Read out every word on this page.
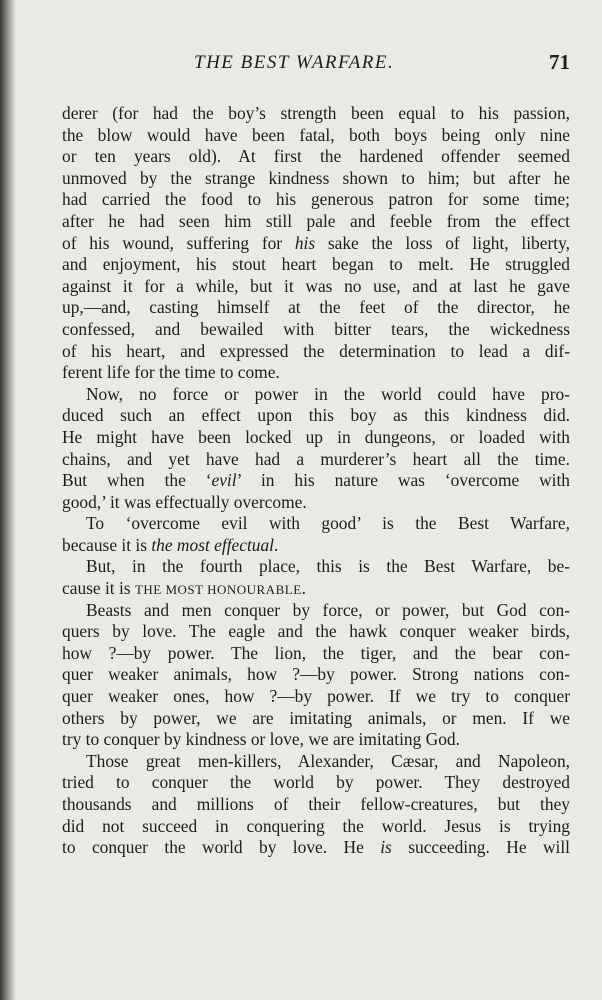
THE BEST WARFARE.	71
derer (for had the boy’s strength been equal to his passion,
the blow would have been fatal, both boys being only nine
or ten years old). At first the hardened offender seemed
unmoved by the strange kindness shown to him; but after he
had carried the food to his generous patron for some time;
after he had seen him still pale and feeble from the effect
of his wound, suffering for his sake the loss of light, liberty,
and enjoyment, his stout heart began to melt. He struggled
against it for a while, but it was no use, and at last he gave
up,—and, casting himself at the feet of the director, he
confessed, and bewailed with bitter tears, the wickedness
of his heart, and expressed the determination to lead a dif-
ferent life for the time to come.
Now, no force or power in the world could have pro-
duced such an effect upon this boy as this kindness did.
He might have been locked up in dungeons, or loaded with
chains, and yet have had a murderer’s heart all the time.
But when the ‘evil’ in his nature was ‘overcome with
good,’ it was effectually overcome.
To ‘overcome evil with good’ is the Best Warfare,
because it is the most effectual.
But, in the fourth place, this is the Best Warfare, be-
cause it is THE MOST HONOURABLE.
Beasts and men conquer by force, or power, but God con-
quers by love. The eagle and the hawk conquer weaker birds,
how ?—by power. The lion, the tiger, and the bear con-
quer weaker animals, how ?—by power. Strong nations con-
quer weaker ones, how ?—by power. If we try to conquer
others by power, we are imitating animals, or men. If we
try to conquer by kindness or love, we are imitating God.
Those great men-killers, Alexander, Cæsar, and Napoleon,
tried to conquer the world by power. They destroyed
thousands and millions of their fellow-creatures, but they
did not succeed in conquering the world. Jesus is trying
to conquer the world by love. He is succeeding. He will
